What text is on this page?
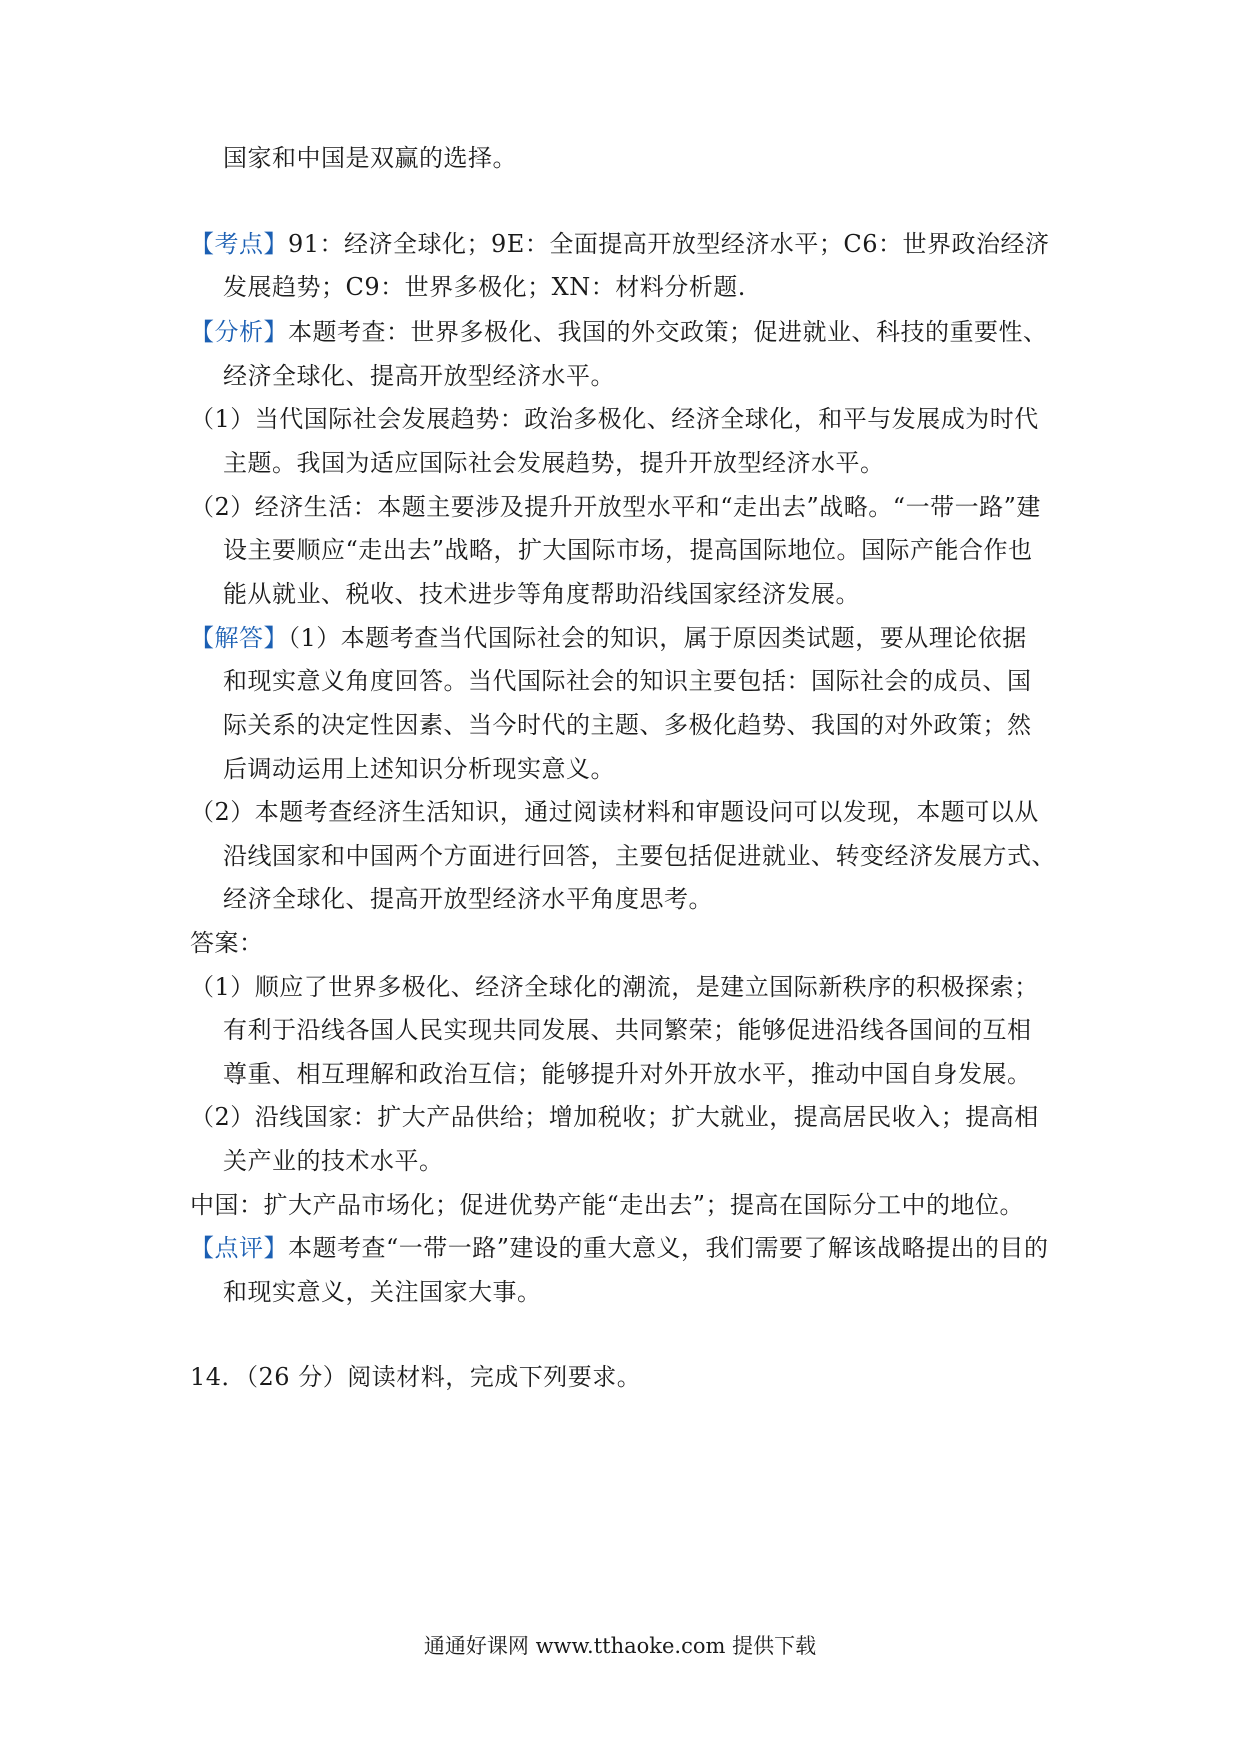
国家和中国是双赢的选择。
【考点】91：经济全球化；9E：全面提高开放型经济水平；C6：世界政治经济
发展趋势；C9：世界多极化；XN：材料分析题.
【分析】本题考查：世界多极化、我国的外交政策；促进就业、科技的重要性、
经济全球化、提高开放型经济水平。
（1）当代国际社会发展趋势：政治多极化、经济全球化，和平与发展成为时代
主题。我国为适应国际社会发展趋势，提升开放型经济水平。
（2）经济生活：本题主要涉及提升开放型水平和“走出去”战略。“一带一路”建
设主要顺应“走出去”战略，扩大国际市场，提高国际地位。国际产能合作也
能从就业、税收、技术进步等角度帮助沿线国家经济发展。
【解答】（1）本题考查当代国际社会的知识，属于原因类试题，要从理论依据
和现实意义角度回答。当代国际社会的知识主要包括：国际社会的成员、国
际关系的决定性因素、当今时代的主题、多极化趋势、我国的对外政策；然
后调动运用上述知识分析现实意义。
（2）本题考查经济生活知识，通过阅读材料和审题设问可以发现，本题可以从
沿线国家和中国两个方面进行回答，主要包括促进就业、转变经济发展方式、
经济全球化、提高开放型经济水平角度思考。
答案：
（1）顺应了世界多极化、经济全球化的潮流，是建立国际新秩序的积极探索；
有利于沿线各国人民实现共同发展、共同繁荣；能够促进沿线各国间的互相
尊重、相互理解和政治互信；能够提升对外开放水平，推动中国自身发展。
（2）沿线国家：扩大产品供给；增加税收；扩大就业，提高居民收入；提高相
关产业的技术水平。
中国：扩大产品市场化；促进优势产能“走出去”；提高在国际分工中的地位。
【点评】本题考查“一带一路”建设的重大意义，我们需要了解该战略提出的目的
和现实意义，关注国家大事。
14．（26 分）阅读材料，完成下列要求。
通通好课网 www.tthaoke.com 提供下载
